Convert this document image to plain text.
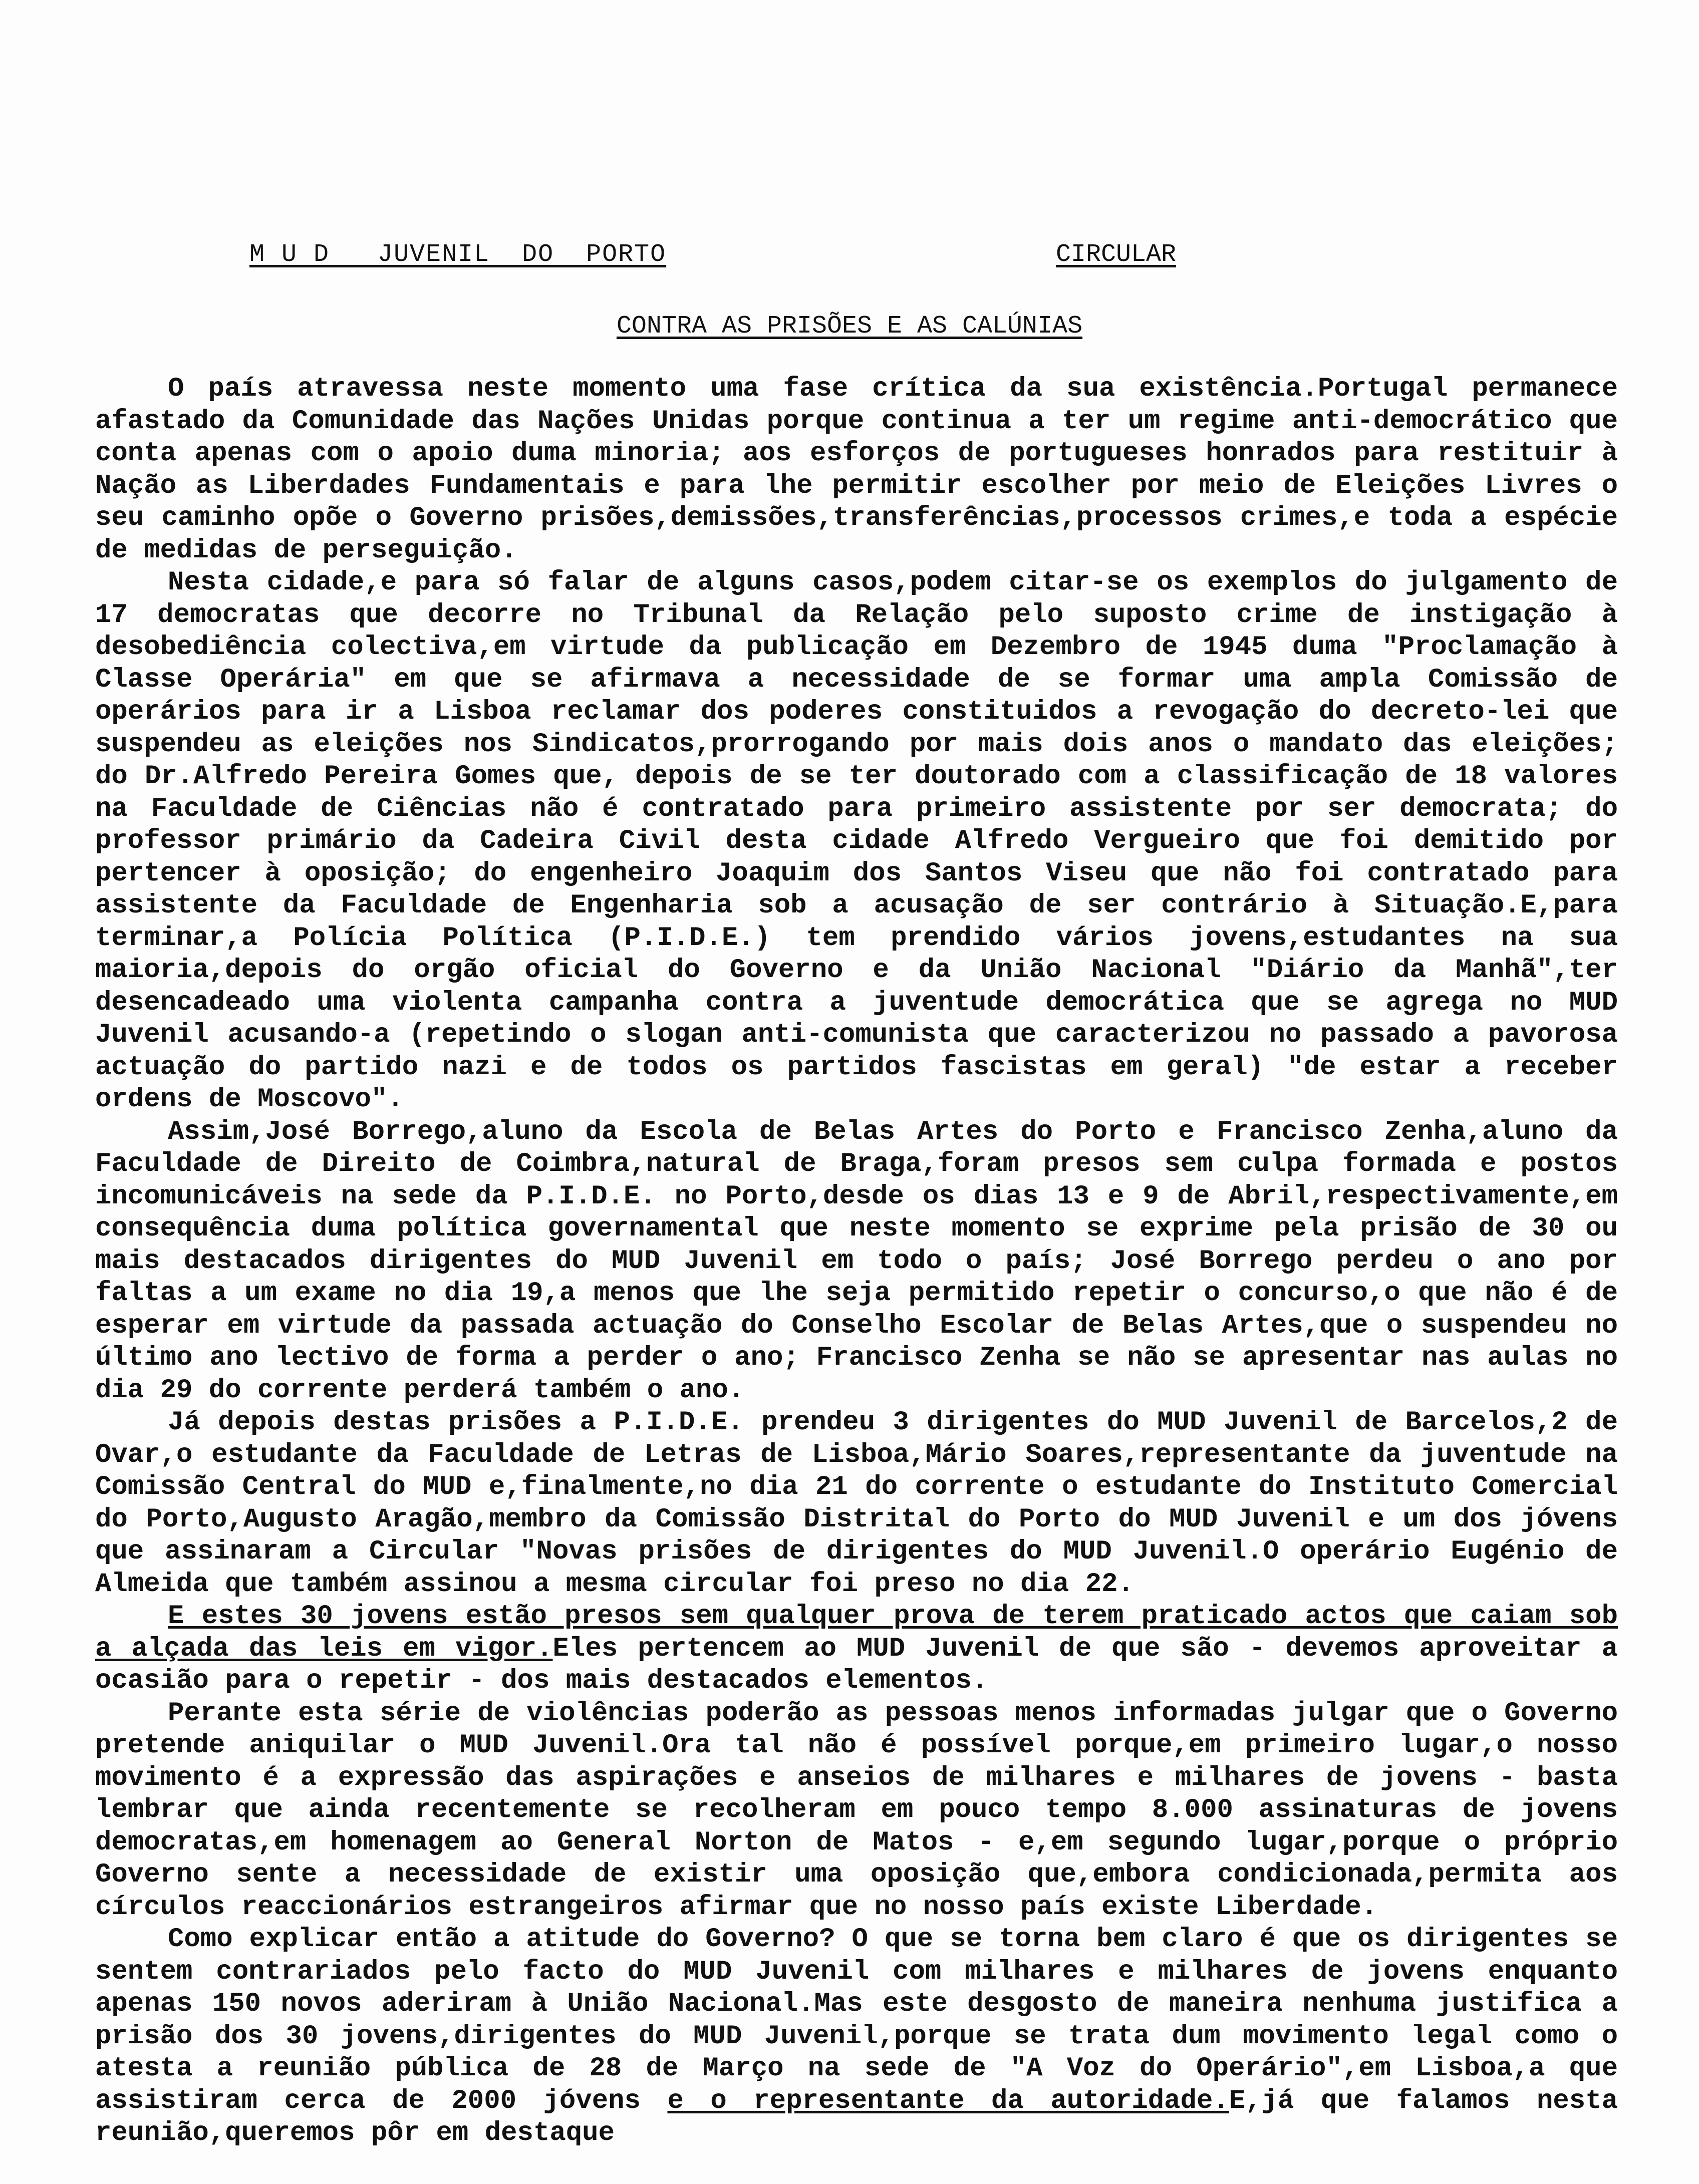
M U D   JUVENIL  DO  PORTO	CIRCULAR
CONTRA AS PRISÕES E AS CALÚNIAS

O país atravessa neste momento uma fase crítica da sua existência.Portugal permanece afastado da Comunidade das Nações Unidas porque continua a ter um regime anti-democrático que conta apenas com o apoio duma minoria; aos esforços de portugueses honrados para restituir à Nação as Liberdades Fundamentais e para lhe permitir escolher por meio de Eleições Livres o seu caminho opõe o Governo prisões,demissões,transferências,processos crimes,e toda a espécie de medidas de perseguição.

Nesta cidade,e para só falar de alguns casos,podem citar-se os exemplos do julgamento de 17 democratas que decorre no Tribunal da Relação pelo suposto crime de instigação à desobediência colectiva,em virtude da publicação em Dezembro de 1945 duma "Proclamação à Classe Operária" em que se afirmava a necessidade de se formar uma ampla Comissão de operários para ir a Lisboa reclamar dos poderes constituidos a revogação do decreto-lei que suspendeu as eleições nos Sindicatos,prorrogando por mais dois anos o mandato das eleições; do Dr.Alfredo Pereira Gomes que, depois de se ter doutorado com a classificação de 18 valores na Faculdade de Ciências não é contratado para primeiro assistente por ser democrata; do professor primário da Cadeira Civil desta cidade Alfredo Vergueiro que foi demitido por pertencer à oposição; do engenheiro Joaquim dos Santos Viseu que não foi contratado para assistente da Faculdade de Engenharia sob a acusação de ser contrário à Situação.E,para terminar,a Polícia Política (P.I.D.E.) tem prendido vários jovens,estudantes na sua maioria,depois do orgão oficial do Governo e da União Nacional "Diário da Manhã",ter desencadeado uma violenta campanha contra a juventude democrática que se agrega no MUD Juvenil acusando-a (repetindo o slogan anti-comunista que caracterizou no passado a pavorosa actuação do partido nazi e de todos os partidos fascistas em geral) "de estar a receber ordens de Moscovo".

Assim,José Borrego,aluno da Escola de Belas Artes do Porto e Francisco Zenha,aluno da Faculdade de Direito de Coimbra,natural de Braga,foram presos sem culpa formada e postos incomunicáveis na sede da P.I.D.E. no Porto,desde os dias 13 e 9 de Abril,respectivamente,em consequência duma política governamental que neste momento se exprime pela prisão de 30 ou mais destacados dirigentes do MUD Juvenil em todo o país; José Borrego perdeu o ano por faltas a um exame no dia 19,a menos que lhe seja permitido repetir o concurso,o que não é de esperar em virtude da passada actuação do Conselho Escolar de Belas Artes,que o suspendeu no último ano lectivo de forma a perder o ano; Francisco Zenha se não se apresentar nas aulas no dia 29 do corrente perderá também o ano.

Já depois destas prisões a P.I.D.E. prendeu 3 dirigentes do MUD Juvenil de Barcelos,2 de Ovar,o estudante da Faculdade de Letras de Lisboa,Mário Soares,representante da juventude na Comissão Central do MUD e,finalmente,no dia 21 do corrente o estudante do Instituto Comercial do Porto,Augusto Aragão,membro da Comissão Distrital do Porto do MUD Juvenil e um dos jóvens que assinaram a Circular "Novas prisões de dirigentes do MUD Juvenil.O operário Eugénio de Almeida que também assinou a mesma circular foi preso no dia 22.

E estes 30 jovens estão presos sem qualquer prova de terem praticado actos que caiam sob a alçada das leis em vigor.Eles pertencem ao MUD Juvenil de que são - devemos aproveitar a ocasião para o repetir - dos mais destacados elementos.

Perante esta série de violências poderão as pessoas menos informadas julgar que o Governo pretende aniquilar o MUD Juvenil.Ora tal não é possível porque,em primeiro lugar,o nosso movimento é a expressão das aspirações e anseios de milhares e milhares de jovens - basta lembrar que ainda recentemente se recolheram em pouco tempo 8.000 assinaturas de jovens democratas,em homenagem ao General Norton de Matos - e,em segundo lugar,porque o próprio Governo sente a necessidade de existir uma oposição que,embora condicionada,permita aos círculos reaccionários estrangeiros afirmar que no nosso país existe Liberdade.

Como explicar então a atitude do Governo? O que se torna bem claro é que os dirigentes se sentem contrariados pelo facto do MUD Juvenil com milhares e milhares de jovens enquanto apenas 150 novos aderiram à União Nacional.Mas este desgosto de maneira nenhuma justifica a prisão dos 30 jovens,dirigentes do MUD Juvenil,porque se trata dum movimento legal como o atesta a reunião pública de 28 de Março na sede de "A Voz do Operário",em Lisboa,a que assistiram cerca de 2000 jóvens e o representante da autoridade.E,já que falamos nesta reunião,queremos pôr em destaque
